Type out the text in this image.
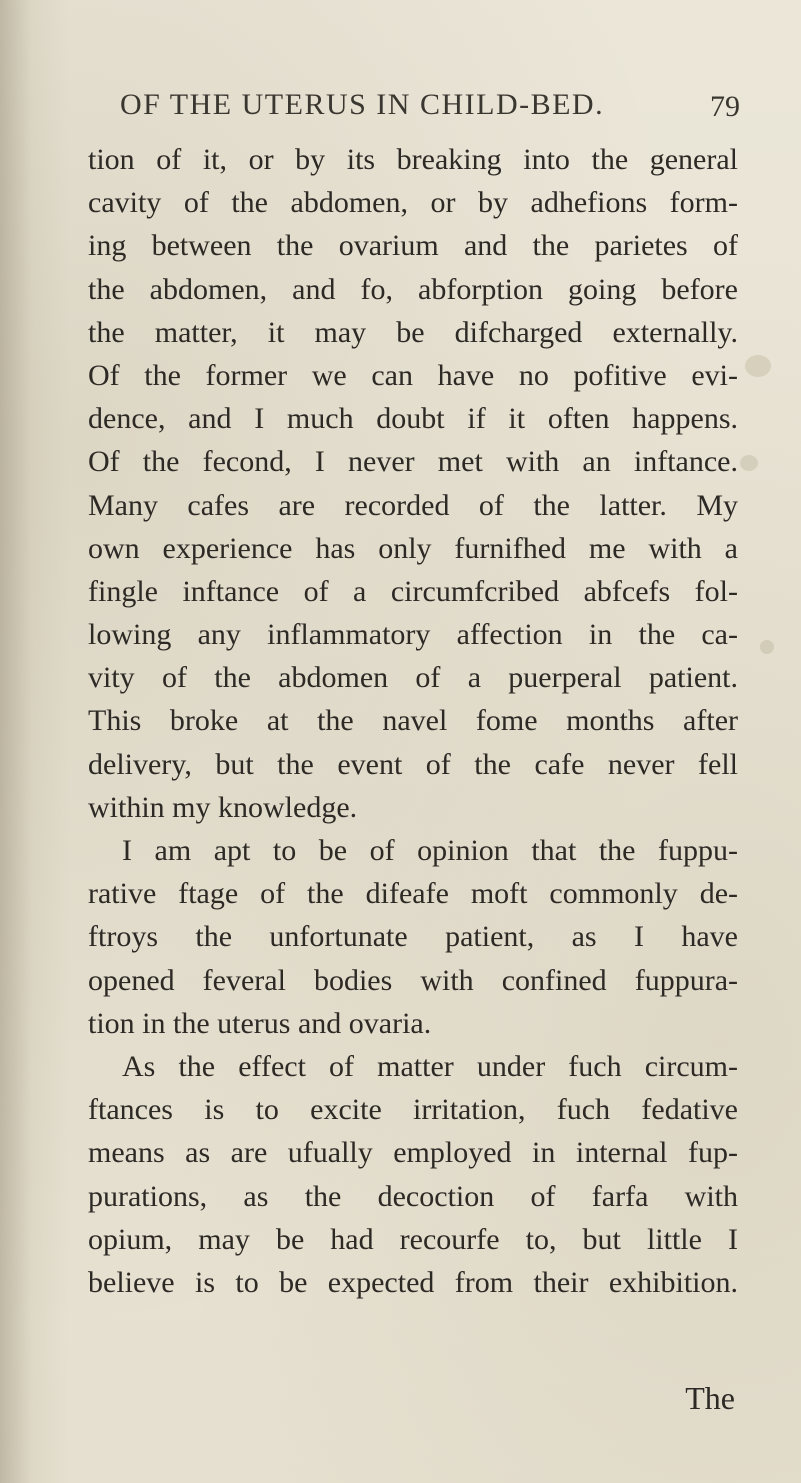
OF THE UTERUS IN CHILD-BED.	79
tion of it, or by its breaking into the general
cavity of the abdomen, or by adhefions form-
ing between the ovarium and the parietes of
the abdomen, and fo, abforption going before
the matter, it may be difcharged externally.
Of the former we can have no pofitive evi-
dence, and I much doubt if it often happens.
Of the fecond, I never met with an inftance.
Many cafes are recorded of the latter. My
own experience has only furnifhed me with a
fingle inftance of a circumfcribed abfcefs fol-
lowing any inflammatory affection in the ca-
vity of the abdomen of a puerperal patient.
This broke at the navel fome months after
delivery, but the event of the cafe never fell
within my knowledge.
I am apt to be of opinion that the fuppu-
rative ftage of the difeafe moft commonly de-
ftroys the unfortunate patient, as I have
opened feveral bodies with confined fuppura-
tion in the uterus and ovaria.
As the effect of matter under fuch circum-
ftances is to excite irritation, fuch fedative
means as are ufually employed in internal fup-
purations, as the decoction of farfa with
opium, may be had recourfe to, but little I
believe is to be expected from their exhibition.
The
